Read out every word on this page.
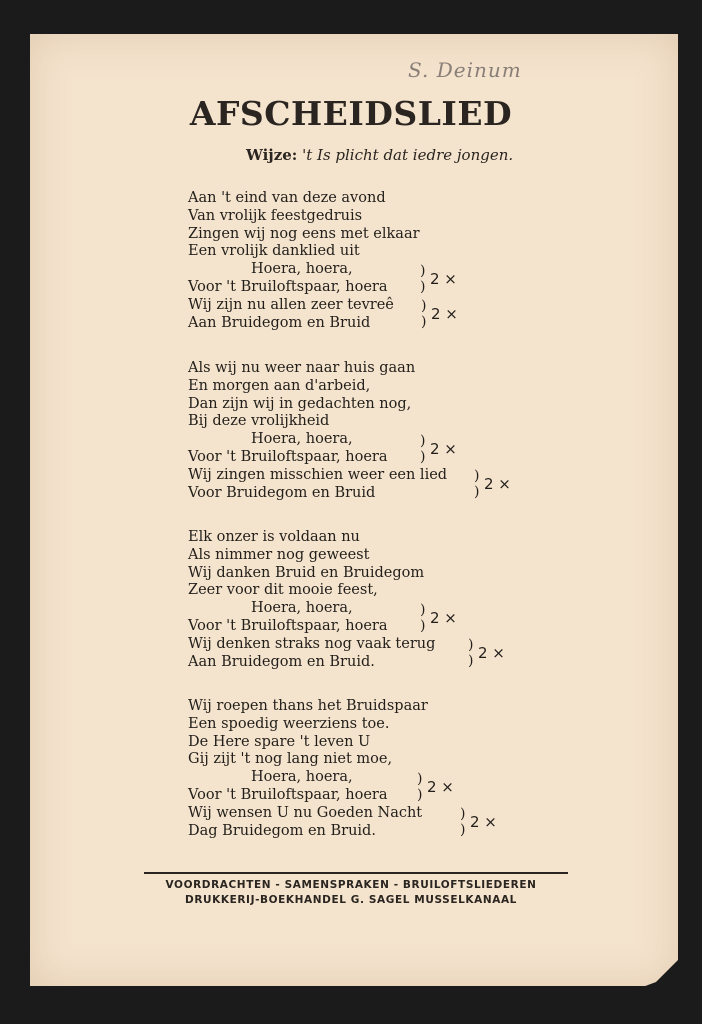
S. Deinum
AFSCHEIDSLIED
Wijze: 't Is plicht dat iedre jongen.
Aan 't eind van deze avond
Van vrolijk feestgedruis
Zingen wij nog eens met elkaar
Een vrolijk danklied uit
Hoera, hoera,
Voor 't Bruiloftspaar, hoera
Wij zijn nu allen zeer tevreê
Aan Bruidegom en Bruid
)
) 2 ×
)
) 2 ×
Als wij nu weer naar huis gaan
En morgen aan d'arbeid,
Dan zijn wij in gedachten nog,
Bij deze vrolijkheid
Hoera, hoera,
Voor 't Bruiloftspaar, hoera
Wij zingen misschien weer een lied
Voor Bruidegom en Bruid
)
) 2 ×
)
) 2 ×
Elk onzer is voldaan nu
Als nimmer nog geweest
Wij danken Bruid en Bruidegom
Zeer voor dit mooie feest,
Hoera, hoera,
Voor 't Bruiloftspaar, hoera
Wij denken straks nog vaak terug
Aan Bruidegom en Bruid.
)
) 2 ×
)
) 2 ×
Wij roepen thans het Bruidspaar
Een spoedig weerziens toe.
De Here spare 't leven U
Gij zijt 't nog lang niet moe,
Hoera, hoera,
Voor 't Bruiloftspaar, hoera
Wij wensen U nu Goeden Nacht
Dag Bruidegom en Bruid.
)
) 2 ×
)
) 2 ×
VOORDRACHTEN - SAMENSPRAKEN - BRUILOFTSLIEDEREN
DRUKKERIJ-BOEKHANDEL G. SAGEL MUSSELKANAAL
